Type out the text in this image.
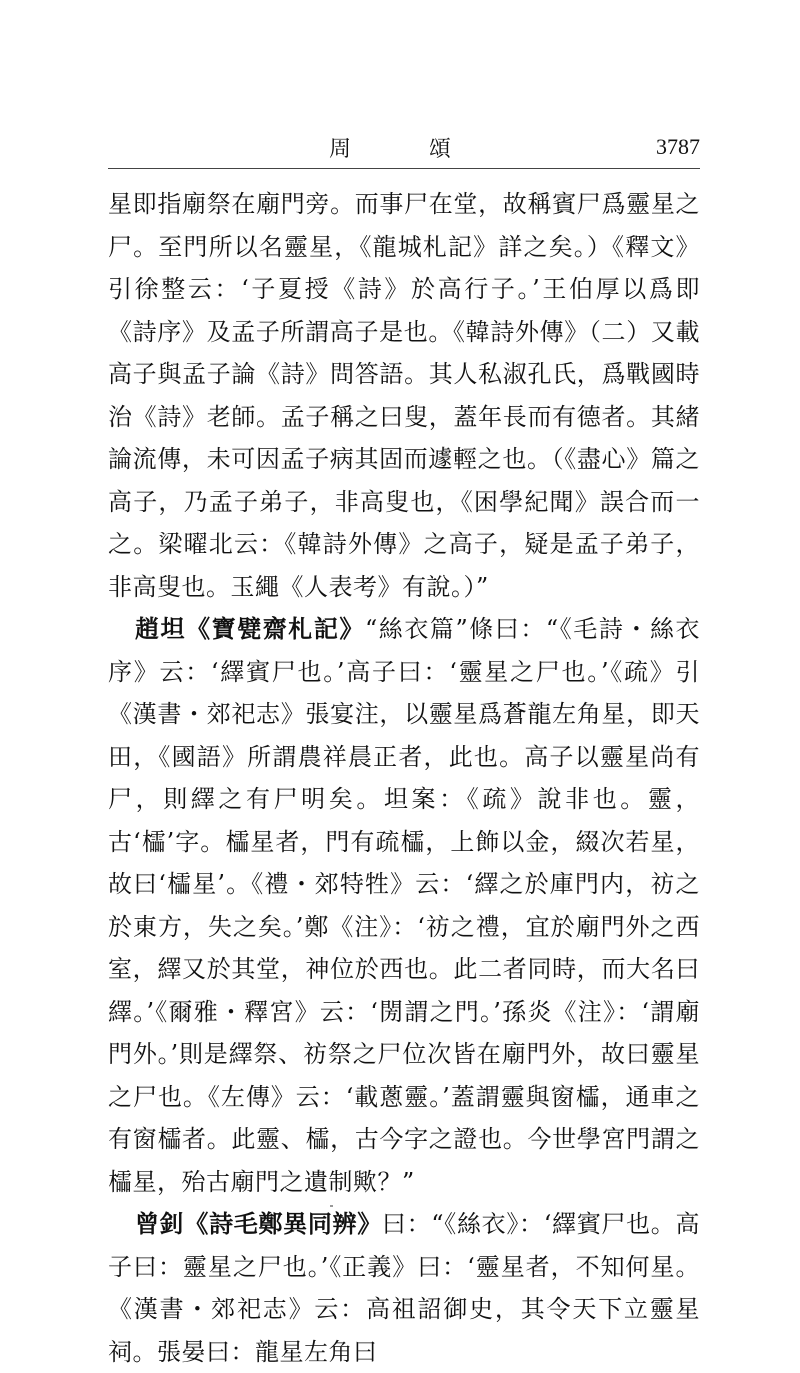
周　頌	3787

星即指廟祭在廟門旁。而事尸在堂，故稱賓尸爲靈星之尸。至門所以名靈星，《龍城札記》詳之矣。）《釋文》引徐整云：‘子夏授《詩》於高行子。’王伯厚以爲即《詩序》及孟子所謂高子是也。《韓詩外傳》（二）又載高子與孟子論《詩》問答語。其人私淑孔氏，爲戰國時治《詩》老師。孟子稱之曰叟，蓋年長而有德者。其緒論流傳，未可因孟子病其固而遽輕之也。（《盡心》篇之高子，乃孟子弟子，非高叟也，《困學紀聞》誤合而一之。梁曜北云：《韓詩外傳》之高子，疑是孟子弟子，非高叟也。玉繩《人表考》有說。）”

趙坦《寶甓齋札記》“絲衣篇”條曰：“《毛詩・絲衣序》云：‘繹賓尸也。’高子曰：‘靈星之尸也。’《疏》引《漢書・郊祀志》張宴注，以靈星爲蒼龍左角星，即天田，《國語》所謂農祥晨正者，此也。高子以靈星尚有尸，則繹之有尸明矣。坦案：《疏》說非也。靈，古‘櫺’字。櫺星者，門有疏櫺，上飾以金，綴次若星，故曰‘櫺星’。《禮・郊特牲》云：‘繹之於庫門内，祊之於東方，失之矣。’鄭《注》：‘祊之禮，宜於廟門外之西室，繹又於其堂，神位於西也。此二者同時，而大名曰繹。’《爾雅・釋宮》云：‘閍謂之門。’孫炎《注》：‘謂廟門外。’則是繹祭、祊祭之尸位次皆在廟門外，故曰靈星之尸也。《左傳》云：‘載蔥靈。’蓋謂靈與窗櫺，通車之有窗櫺者。此靈、櫺，古今字之證也。今世學宮門謂之櫺星，殆古廟門之遺制歟？”

曾釗《詩毛鄭異同辨》曰：“《絲衣》：‘繹賓尸也。高子曰：靈星之尸也。’《正義》曰：‘靈星者，不知何星。《漢書・郊祀志》云：高祖詔御史，其令天下立靈星祠。張晏曰：龍星左角曰
